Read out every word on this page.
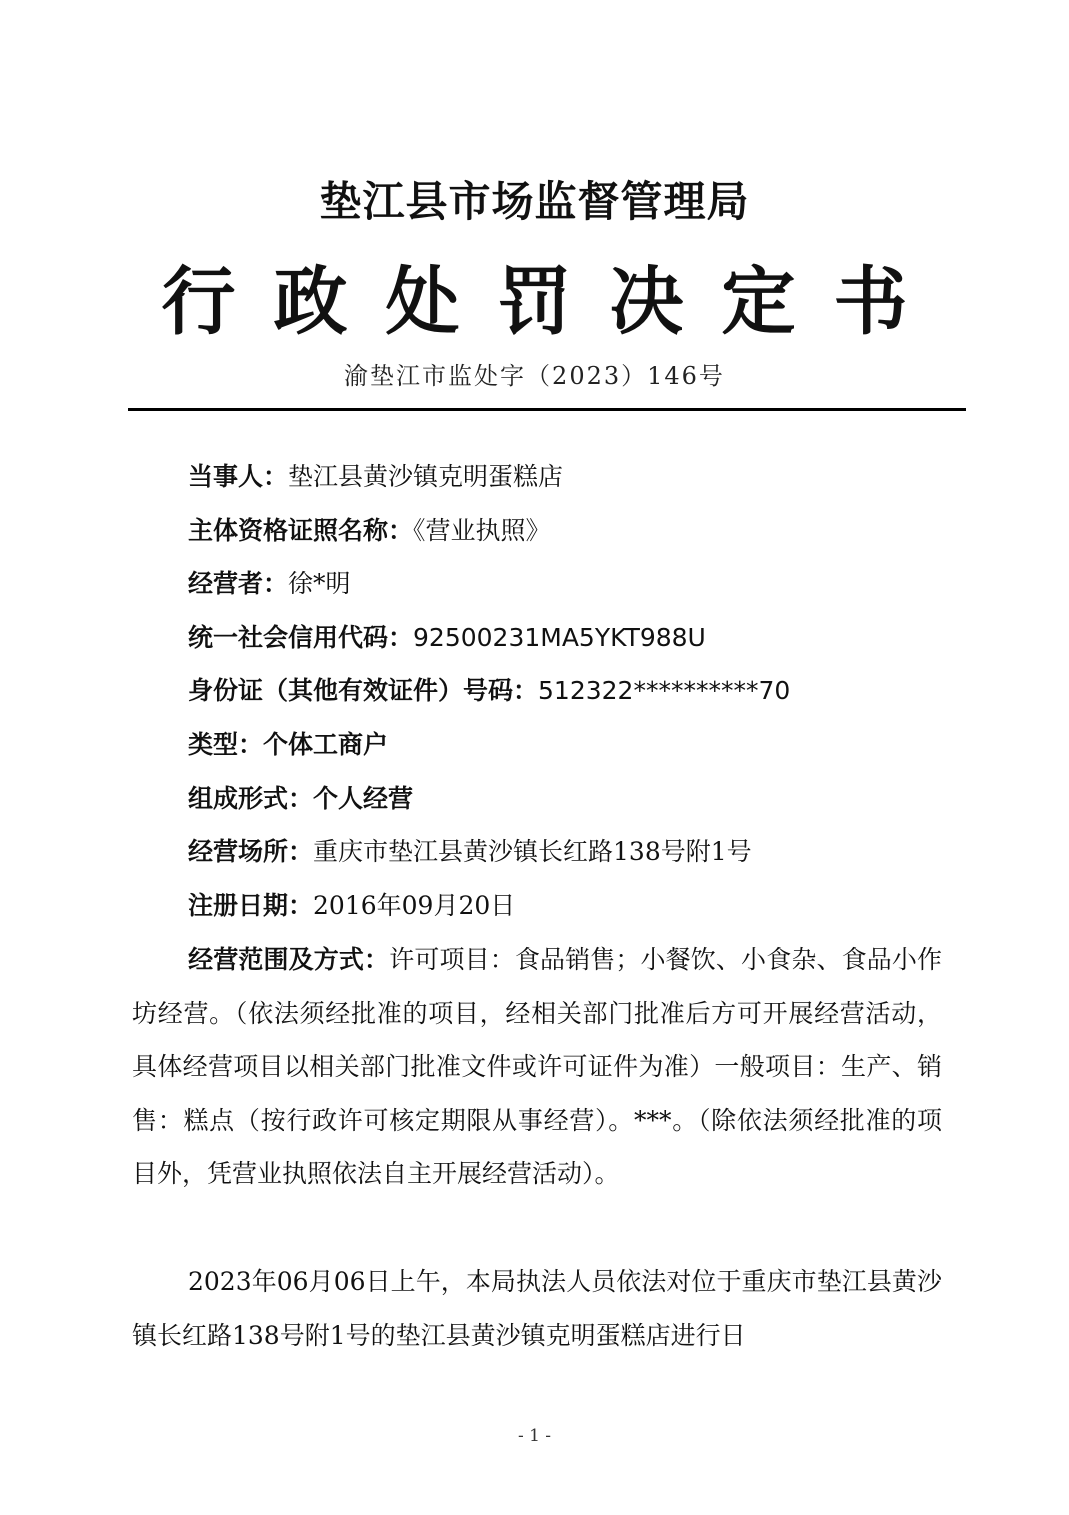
垫江县市场监督管理局
行政处罚决定书
渝垫江市监处字（2023）146号
当事人：垫江县黄沙镇克明蛋糕店
主体资格证照名称：《营业执照》
经营者：徐*明
统一社会信用代码：92500231MA5YKT988U
身份证（其他有效证件）号码：512322**********70
类型：个体工商户
组成形式：个人经营
经营场所：重庆市垫江县黄沙镇长红路138号附1号
注册日期：2016年09月20日
经营范围及方式：许可项目：食品销售；小餐饮、小食杂、食品小作坊经营。（依法须经批准的项目，经相关部门批准后方可开展经营活动，具体经营项目以相关部门批准文件或许可证件为准）一般项目：生产、销售：糕点（按行政许可核定期限从事经营）。***。（除依法须经批准的项目外，凭营业执照依法自主开展经营活动）。
2023年06月06日上午，本局执法人员依法对位于重庆市垫江县黄沙镇长红路138号附1号的垫江县黄沙镇克明蛋糕店进行日
- 1 -
